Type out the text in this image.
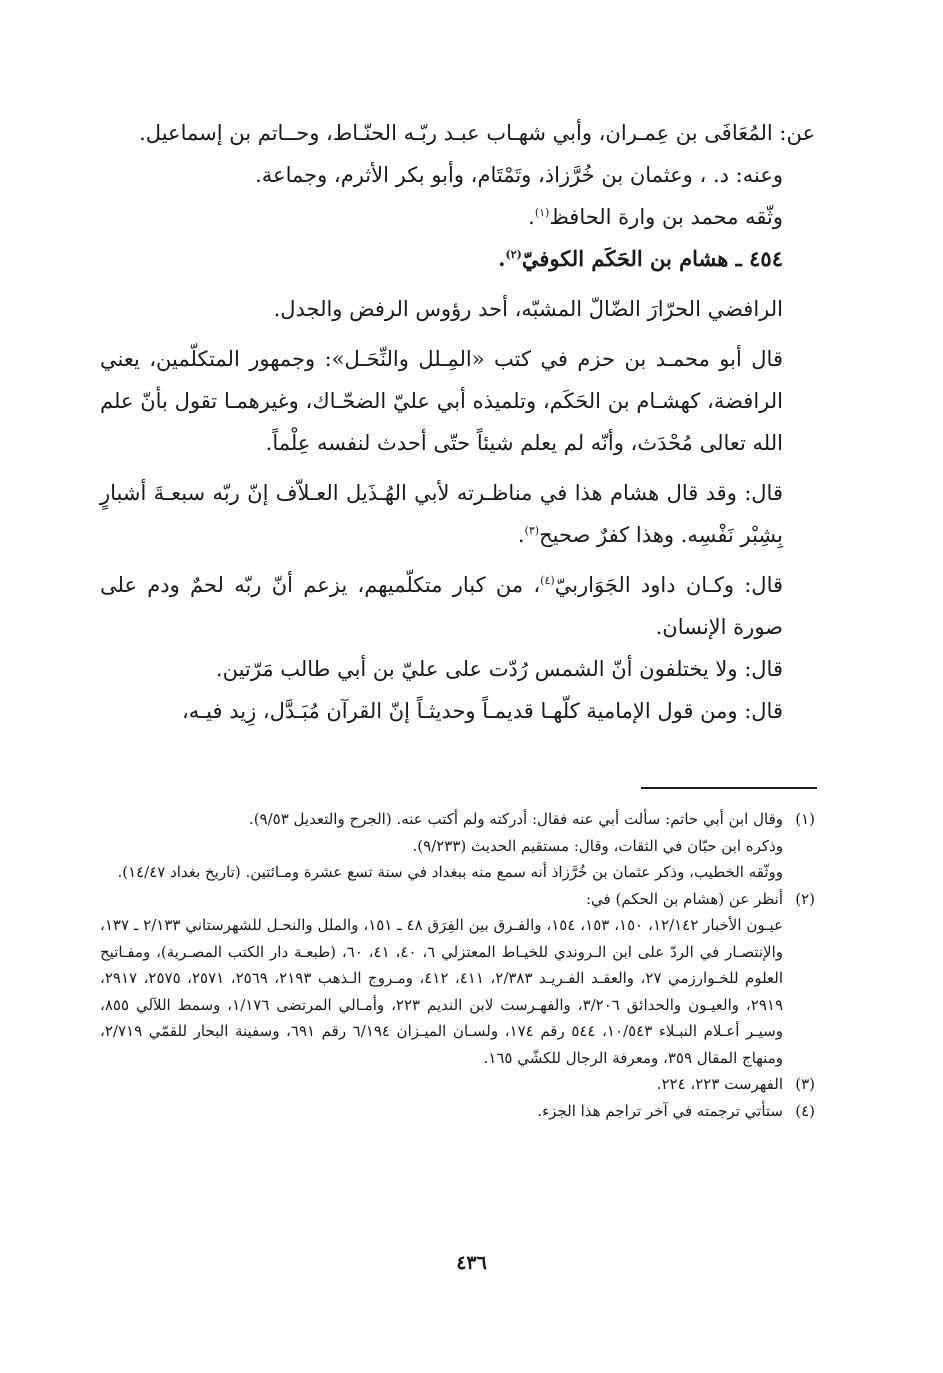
عن: المُعَافَى بن عِمـران، وأبي شهـاب عبـد ربّـه الحنّـاط، وحــاتم بن إسماعيل.

وعنه: د. ، وعثمان بن خُرَّزاذ، وتَمْتَام، وأبو بكر الأثرم، وجماعة.

وثّقه محمد بن وارة الحافظ$^{(١)}$.

٤٥٤ ـ هشام بن الحَكَم الكوفيّ$^{(٢)}$.

الرافضي الحرّارَ الضّالّ المشبّه، أحد رؤوس الرفض والجدل.

قال أبو محمـد بن حزم في كتب «المِـلل والنِّحَـل»: وجمهور المتكلّمين، يعني الرافضة، كهشـام بن الحَكَم، وتلميذه أبي عليّ الضحّـاك، وغيرهمـا تقول بأنّ علم الله تعالى مُحْدَث، وأنّه لم يعلم شيئاً حتّى أحدث لنفسه عِلْماً.

قال: وقد قال هشام هذا في مناظـرته لأبي الهُـذَيل العـلاّف إنّ ربّه سبعـةَ أشبارٍ بِشِبْر نَفْسِه. وهذا كفرٌ صحيح$^{(٣)}$.

قال: وكـان داود الجَوَاربيّ$^{(٤)}$، من كبار متكلّميهم، يزعم أنّ ربّه لحمٌ ودم على صورة الإنسان.

قال: ولا يختلفون أنّ الشمس رُدّت على عليّ بن أبي طالب مَرّتين.

قال: ومن قول الإمامية كلّهـا قديمـاً وحديثـاً إنّ القرآن مُبَـدَّل، زِيد فيـه،

(١)

وقال ابن أبي حاتم: سألت أبي عنه فقال: أدركته ولم أكتب عنه. (الجرح والتعديل ٩/٥٣).

وذكره ابن حبّان في الثقات، وقال: مستقيم الحديث (٩/٢٣٣).

ووثّقه الخطيب، وذكر عثمان بن خُرَّزاذ أنه سمع منه ببغداد في سنة تسع عشرة ومـائتين. (تاريخ بغداد ١٤/٤٧).

(٢)

أنظر عن (هشام بن الحكم) في:

عيـون الأخبار ١٢/١٤٢، ١٥٠، ١٥٣، ١٥٤، والفـرق بين الفِرَق ٤٨ ـ ١٥١، والملل والنحـل للشهرستاني ٢/١٣٣ ـ ١٣٧، والإنتصـار في الردّ على ابن الـروندي للخيـاط المعتزلي ٦، ٤٠، ٤١، ٦٠، (طبعـة دار الكتب المصـرية)، ومفـاتيح العلوم للخـوارزمي ٢٧، والعقـد الفـريـد ٢/٣٨٣، ٤١١، ٤١٢، ومـروج الـذهب ٢١٩٣، ٢٥٦٩، ٢٥٧١، ٢٥٧٥، ٢٩١٧، ٢٩١٩، والعيـون والحدائق ٣/٢٠٦، والفهـرست لابن النديم ٢٢٣، وأمـالي المرتضى ١/١٧٦، وسمط اللآلي ٨٥٥، وسيـر أعـلام النبـلاء ١٠/٥٤٣، ٥٤٤ رقم ١٧٤، ولسـان الميـزان ٦/١٩٤ رقم ٦٩١، وسفينة البحار للقمّي ٢/٧١٩، ومنهاج المقال ٣٥٩، ومعرفة الرجال للكشّي ١٦٥.

(٣)

الفهرست ٢٢٣، ٢٢٤.

(٤)

ستأتي ترجمته في آخر تراجم هذا الجزء.

٤٣٦
